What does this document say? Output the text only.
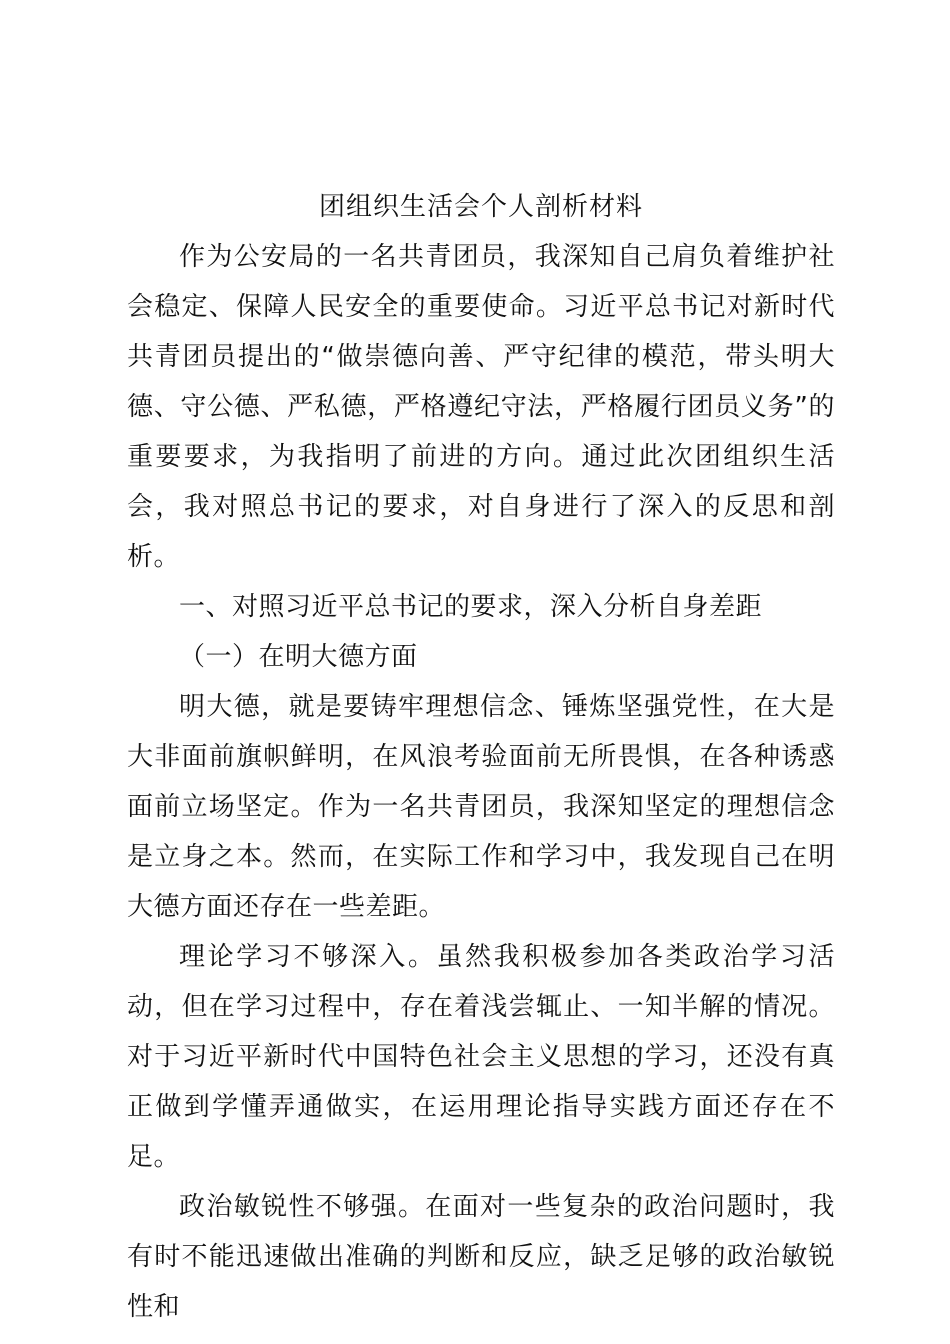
团组织生活会个人剖析材料

作为公安局的一名共青团员，我深知自己肩负着维护社会稳定、保障人民安全的重要使命。习近平总书记对新时代共青团员提出的“做崇德向善、严守纪律的模范，带头明大德、守公德、严私德，严格遵纪守法，严格履行团员义务”的重要要求，为我指明了前进的方向。通过此次团组织生活会，我对照总书记的要求，对自身进行了深入的反思和剖析。

一、对照习近平总书记的要求，深入分析自身差距

（一）在明大德方面

明大德，就是要铸牢理想信念、锤炼坚强党性，在大是大非面前旗帜鲜明，在风浪考验面前无所畏惧，在各种诱惑面前立场坚定。作为一名共青团员，我深知坚定的理想信念是立身之本。然而，在实际工作和学习中，我发现自己在明大德方面还存在一些差距。

理论学习不够深入。虽然我积极参加各类政治学习活动，但在学习过程中，存在着浅尝辄止、一知半解的情况。对于习近平新时代中国特色社会主义思想的学习，还没有真正做到学懂弄通做实，在运用理论指导实践方面还存在不足。

政治敏锐性不够强。在面对一些复杂的政治问题时，我有时不能迅速做出准确的判断和反应，缺乏足够的政治敏锐性和
